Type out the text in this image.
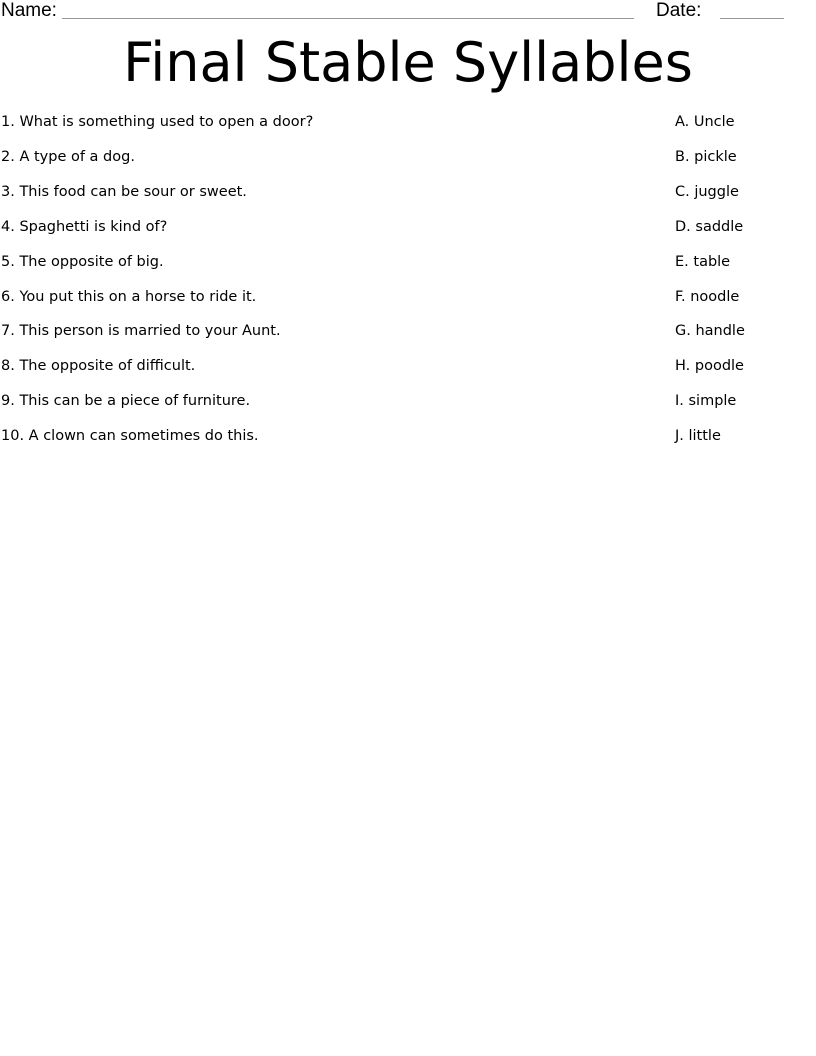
Name:	Date:
Final Stable Syllables
1. What is something used to open a door?
2. A type of a dog.
3. This food can be sour or sweet.
4. Spaghetti is kind of?
5. The opposite of big.
6. You put this on a horse to ride it.
7. This person is married to your Aunt.
8. The opposite of difficult.
9. This can be a piece of furniture.
10. A clown can sometimes do this.
A. Uncle
B. pickle
C. juggle
D. saddle
E. table
F. noodle
G. handle
H. poodle
I. simple
J. little
